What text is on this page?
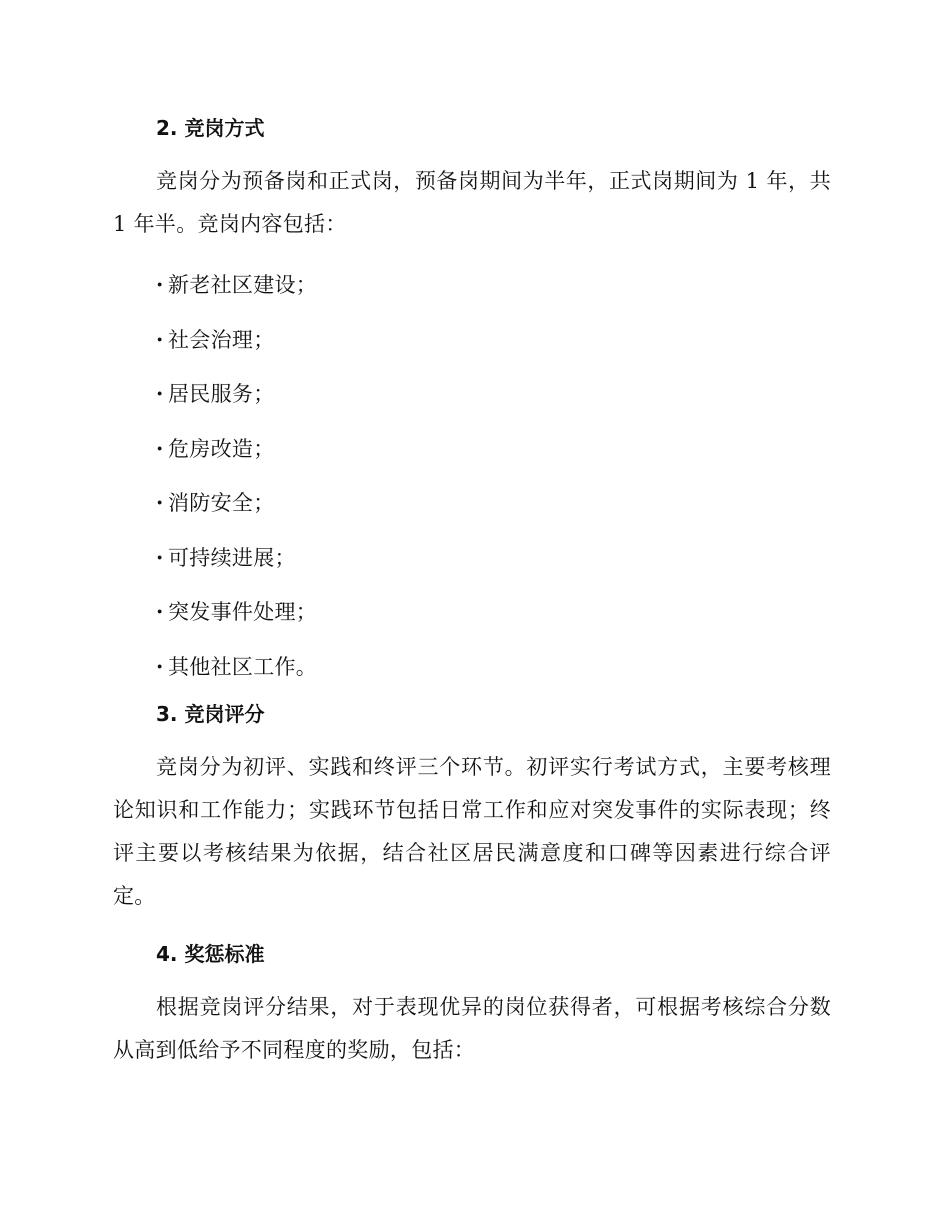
2. 竞岗方式

竞岗分为预备岗和正式岗，预备岗期间为半年，正式岗期间为 1 年，共 1 年半。竞岗内容包括：

· 新老社区建设；
· 社会治理；
· 居民服务；
· 危房改造；
· 消防安全；
· 可持续进展；
· 突发事件处理；
· 其他社区工作。
3. 竞岗评分

竞岗分为初评、实践和终评三个环节。初评实行考试方式，主要考核理论知识和工作能力；实践环节包括日常工作和应对突发事件的实际表现；终评主要以考核结果为依据，结合社区居民满意度和口碑等因素进行综合评定。

4. 奖惩标准

根据竞岗评分结果，对于表现优异的岗位获得者，可根据考核综合分数从高到低给予不同程度的奖励，包括：
